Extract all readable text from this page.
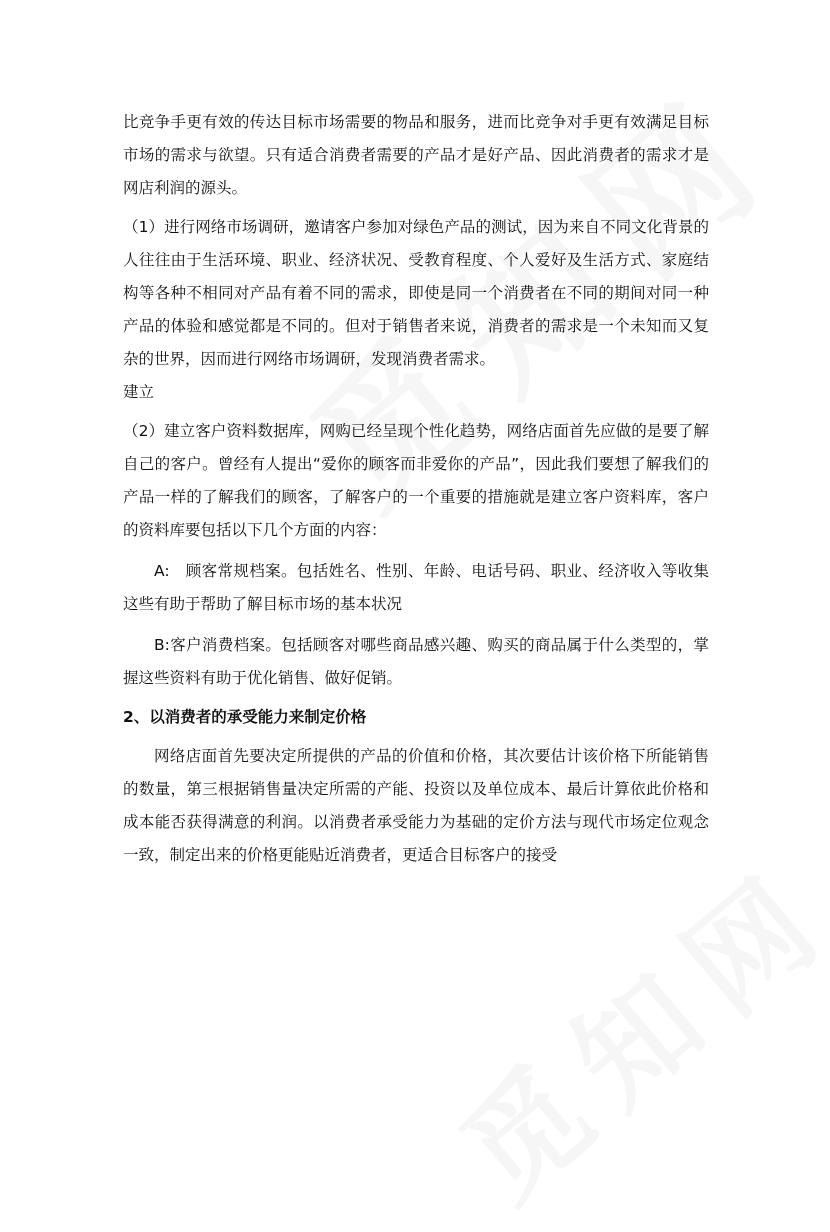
比竞争手更有效的传达目标市场需要的物品和服务，进而比竞争对手更有效满足目标市场的需求与欲望。只有适合消费者需要的产品才是好产品、因此消费者的需求才是网店利润的源头。

（1）进行网络市场调研，邀请客户参加对绿色产品的测试，因为来自不同文化背景的人往往由于生活环境、职业、经济状况、受教育程度、个人爱好及生活方式、家庭结构等各种不相同对产品有着不同的需求，即使是同一个消费者在不同的期间对同一种产品的体验和感觉都是不同的。但对于销售者来说，消费者的需求是一个未知而又复杂的世界，因而进行网络市场调研，发现消费者需求。

建立

（2）建立客户资料数据库，网购已经呈现个性化趋势，网络店面首先应做的是要了解自己的客户。曾经有人提出“爱你的顾客而非爱你的产品”，因此我们要想了解我们的产品一样的了解我们的顾客，了解客户的一个重要的措施就是建立客户资料库，客户的资料库要包括以下几个方面的内容：

A:　顾客常规档案。包括姓名、性别、年龄、电话号码、职业、经济收入等收集这些有助于帮助了解目标市场的基本状况

B:客户消费档案。包括顾客对哪些商品感兴趣、购买的商品属于什么类型的，掌握这些资料有助于优化销售、做好促销。

2、以消费者的承受能力来制定价格

网络店面首先要决定所提供的产品的价值和价格，其次要估计该价格下所能销售的数量，第三根据销售量决定所需的产能、投资以及单位成本、最后计算依此价格和成本能否获得满意的利润。以消费者承受能力为基础的定价方法与现代市场定位观念一致，制定出来的价格更能贴近消费者，更适合目标客户的接受
